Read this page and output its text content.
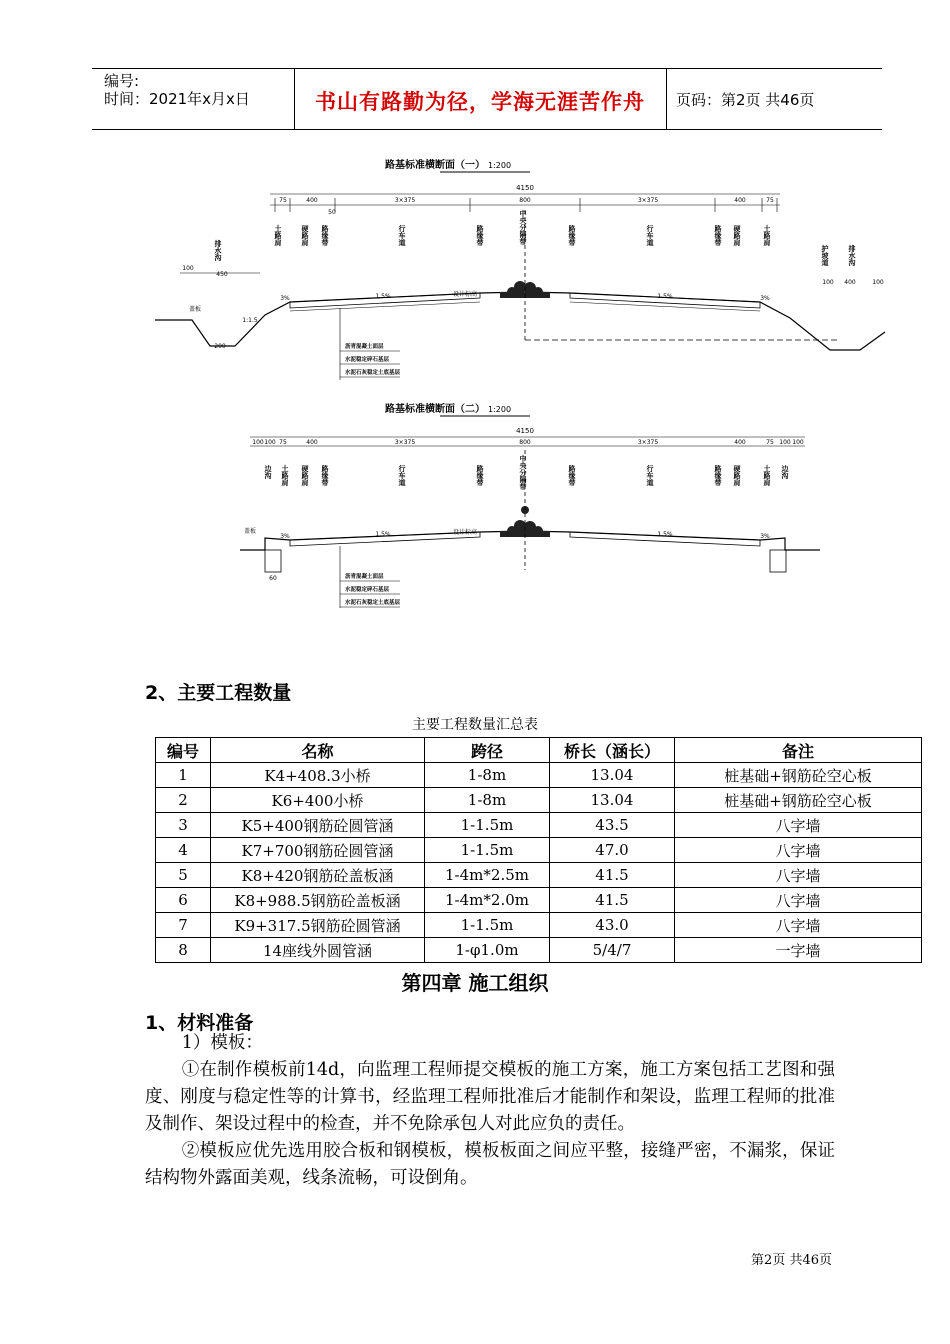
编号:
时间：2021年x月x日	书山有路勤为径，学海无涯苦作舟	页码：第2页 共46页
路基标准横断面（一） 1:200
4150
75	400
50
3×375	800	3×375	400	75
排水沟
土路肩	硬路肩 路缘带	行车道	路缘带	中央分隔带	路缘带	行车道	路缘带 硬路肩	土路肩
护坡道	排水沟
100
450
200
100 400	100
3%	1.5%	设计标高	1.5%	3%
1:1.5
盖板
沥青混凝土面层
水泥稳定碎石基层
水泥石灰稳定土底基层
路基标准横断面（二） 1:200
4150
100 100 75	400	3×375	800	3×375	400	75 100 100
边沟 土路肩 硬路肩 路缘带	行车道	路缘带	中央分隔带	路缘带	行车道	路缘带 硬路肩	土路肩 边沟
3%	1.5%	设计标高	1.5%	3%
盖板
60	沥青混凝土面层
水泥稳定碎石基层
水泥石灰稳定土底基层
2、主要工程数量
主要工程数量汇总表
编号	名称	跨径	桥长（涵长）	备注
1	K4+408.3小桥	1-8m	13.04	桩基础+钢筋砼空心板
2	K6+400小桥	1-8m	13.04	桩基础+钢筋砼空心板
3	K5+400钢筋砼圆管涵	1-1.5m	43.5	八字墙
4	K7+700钢筋砼圆管涵	1-1.5m	47.0	八字墙
5	K8+420钢筋砼盖板涵	1-4m*2.5m	41.5	八字墙
6	K8+988.5钢筋砼盖板涵	1-4m*2.0m	41.5	八字墙
7	K9+317.5钢筋砼圆管涵	1-1.5m	43.0	八字墙
8	14座线外圆管涵	1-φ1.0m	5/4/7	一字墙
第四章 施工组织
1、材料准备

1）模板：

①在制作模板前14d，向监理工程师提交模板的施工方案，施工方案包括工艺图和强度、刚度与稳定性等的计算书，经监理工程师批准后才能制作和架设，监理工程师的批准及制作、架设过程中的检查，并不免除承包人对此应负的责任。

②模板应优先选用胶合板和钢模板，模板板面之间应平整，接缝严密，不漏浆，保证结构物外露面美观，线条流畅，可设倒角。

第2页 共46页
